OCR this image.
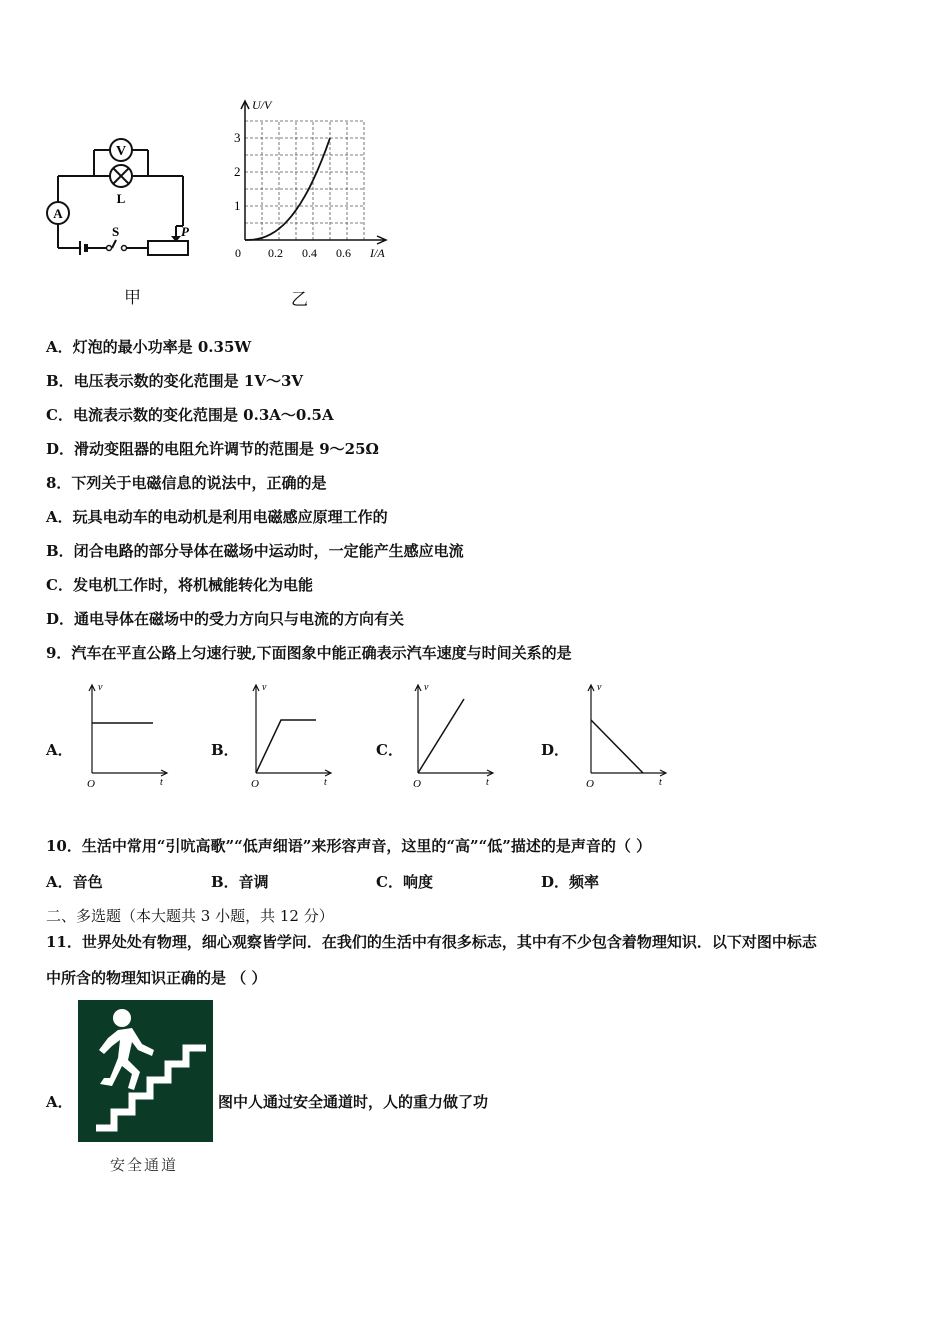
V
L
A
S	P
甲
U/V
I/A
0
1
2
3
0.2 0.4 0.6
乙
A．灯泡的最小功率是 0.35W
B．电压表示数的变化范围是 1V～3V
C．电流表示数的变化范围是 0.3A～0.5A
D．滑动变阻器的电阻允许调节的范围是 9～25Ω
8．下列关于电磁信息的说法中，正确的是
A．玩具电动车的电动机是利用电磁感应原理工作的
B．闭合电路的部分导体在磁场中运动时，一定能产生感应电流
C．发电机工作时，将机械能转化为电能
D．通电导体在磁场中的受力方向只与电流的方向有关
9．汽车在平直公路上匀速行驶,下面图象中能正确表示汽车速度与时间关系的是
A．
v
t
O
B．
v
t
O
C．
v
t
O
D．
v
t
O
10．生活中常用“引吭高歌”“低声细语”来形容声音，这里的“高”“低”描述的是声音的（ ）
A．音色	B．音调	C．响度	D．频率
二、多选题（本大题共 3 小题，共 12 分）
11．世界处处有物理，细心观察皆学问．在我们的生活中有很多标志，其中有不少包含着物理知识．以下对图中标志
中所含的物理知识正确的是 （ ）
A．	图中人通过安全通道时，人的重力做了功
安全通道
